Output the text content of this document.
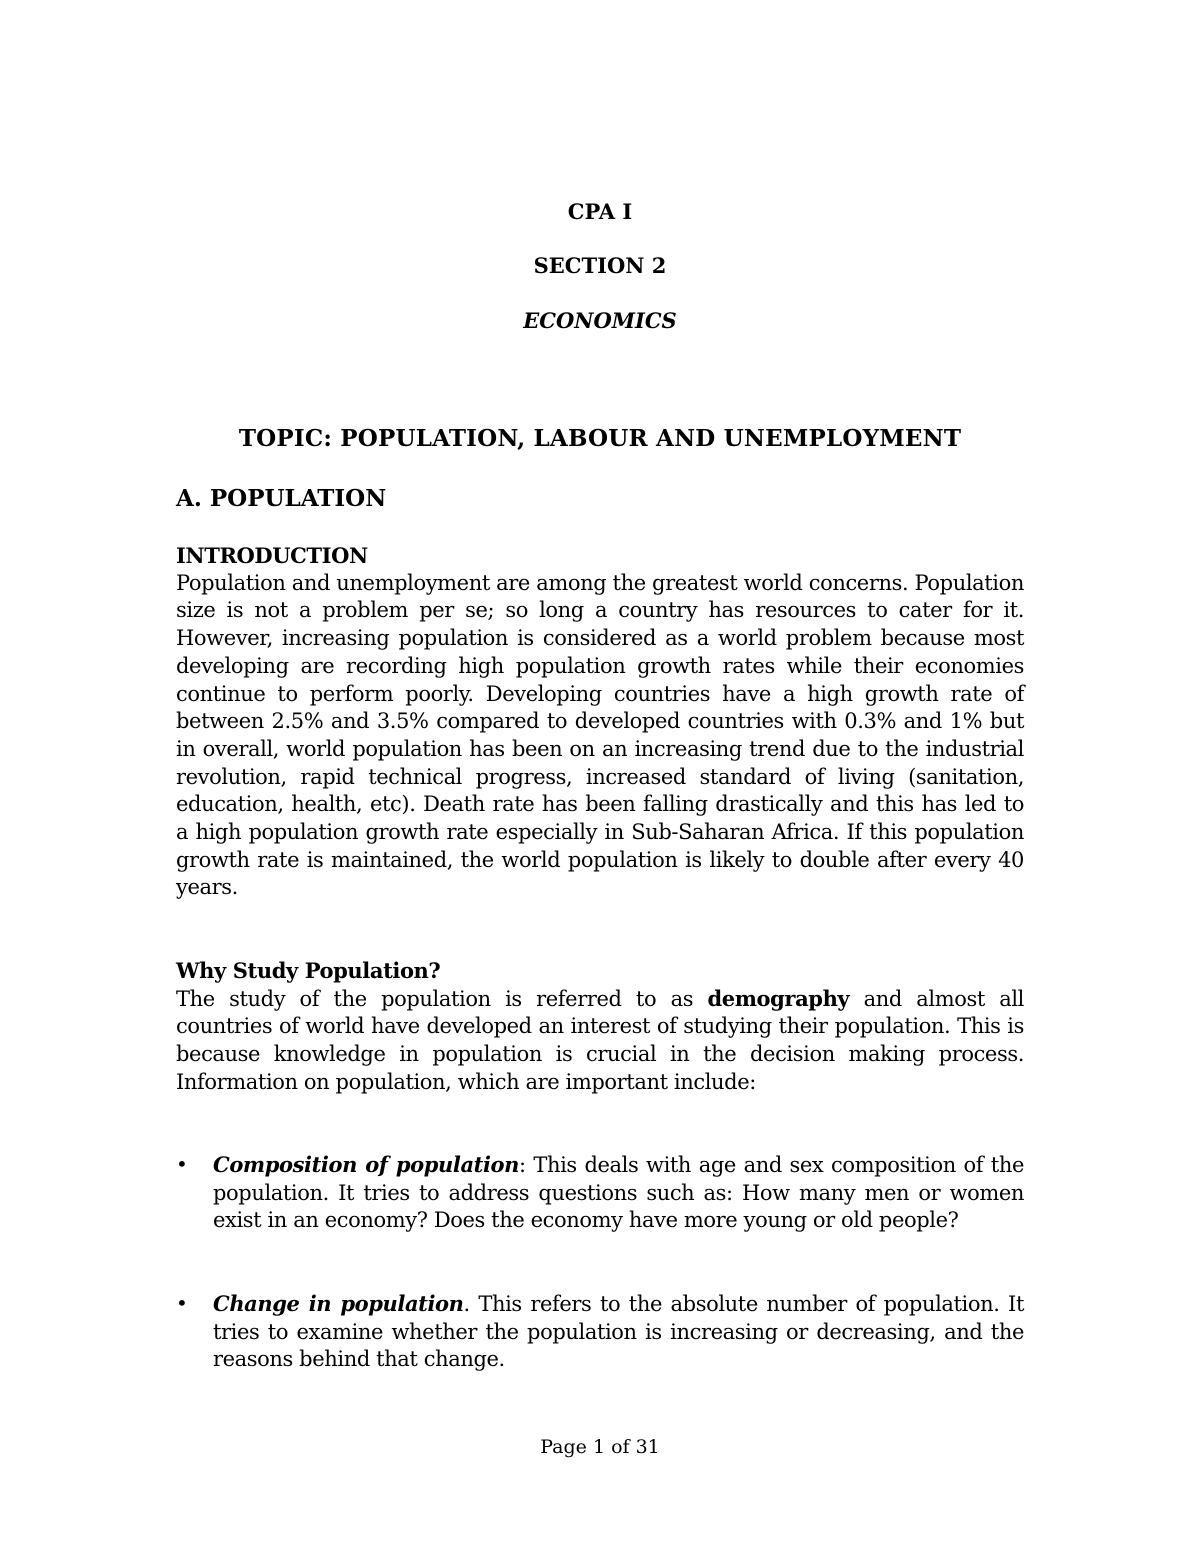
CPA I
SECTION 2
ECONOMICS
TOPIC: POPULATION, LABOUR AND UNEMPLOYMENT
A. POPULATION
INTRODUCTION
Population and unemployment are among the greatest world concerns. Population size is not a problem per se; so long a country has resources to cater for it. However, increasing population is considered as a world problem because most developing are recording high population growth rates while their economies continue to perform poorly. Developing countries have a high growth rate of between 2.5% and 3.5% compared to developed countries with 0.3% and 1% but in overall, world population has been on an increasing trend due to the industrial revolution, rapid technical progress, increased standard of living (sanitation, education, health, etc). Death rate has been falling drastically and this has led to a high population growth rate especially in Sub-Saharan Africa. If this population growth rate is maintained, the world population is likely to double after every 40 years.
Why Study Population?
The study of the population is referred to as demography and almost all countries of world have developed an interest of studying their population. This is because knowledge in population is crucial in the decision making process. Information on population, which are important include:
•	Composition of population: This deals with age and sex composition of the population. It tries to address questions such as: How many men or women exist in an economy? Does the economy have more young or old people?
•	Change in population. This refers to the absolute number of population. It tries to examine whether the population is increasing or decreasing, and the reasons behind that change.
Page 1 of 31
